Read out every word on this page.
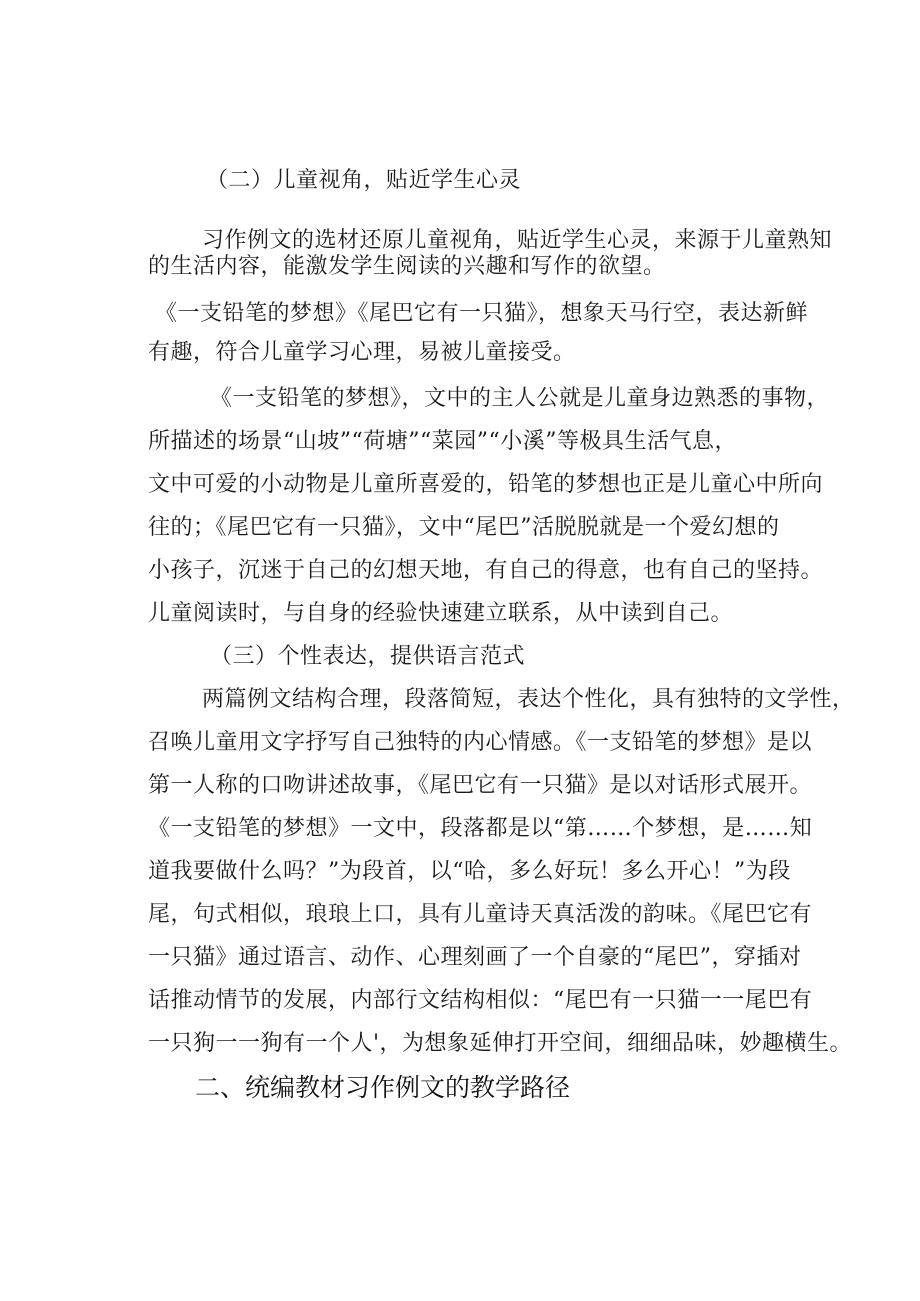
（二）儿童视角，贴近学生心灵
习作例文的选材还原儿童视角，贴近学生心灵，来源于儿童熟知
的生活内容，能激发学生阅读的兴趣和写作的欲望。
《一支铅笔的梦想》《尾巴它有一只猫》，想象天马行空，表达新鲜
有趣，符合儿童学习心理，易被儿童接受。
《一支铅笔的梦想》，文中的主人公就是儿童身边熟悉的事物，
所描述的场景“山坡”“荷塘”“菜园”“小溪”等极具生活气息，
文中可爱的小动物是儿童所喜爱的，铅笔的梦想也正是儿童心中所向
往的；《尾巴它有一只猫》，文中“尾巴”活脱脱就是一个爱幻想的
小孩子，沉迷于自己的幻想天地，有自己的得意，也有自己的坚持。
儿童阅读时，与自身的经验快速建立联系，从中读到自己。
（三）个性表达，提供语言范式
两篇例文结构合理，段落简短，表达个性化，具有独特的文学性，
召唤儿童用文字抒写自己独特的内心情感。《一支铅笔的梦想》是以
第一人称的口吻讲述故事，《尾巴它有一只猫》是以对话形式展开。
《一支铅笔的梦想》一文中，段落都是以“第……个梦想，是……知
道我要做什么吗？”为段首，以“哈，多么好玩！多么开心！”为段
尾，句式相似，琅琅上口，具有儿童诗天真活泼的韵味。《尾巴它有
一只猫》通过语言、动作、心理刻画了一个自豪的“尾巴”，穿插对
话推动情节的发展，内部行文结构相似：“尾巴有一只猫一一尾巴有
一只狗一一狗有一个人'，为想象延伸打开空间，细细品味，妙趣横生。
二、统编教材习作例文的教学路径
